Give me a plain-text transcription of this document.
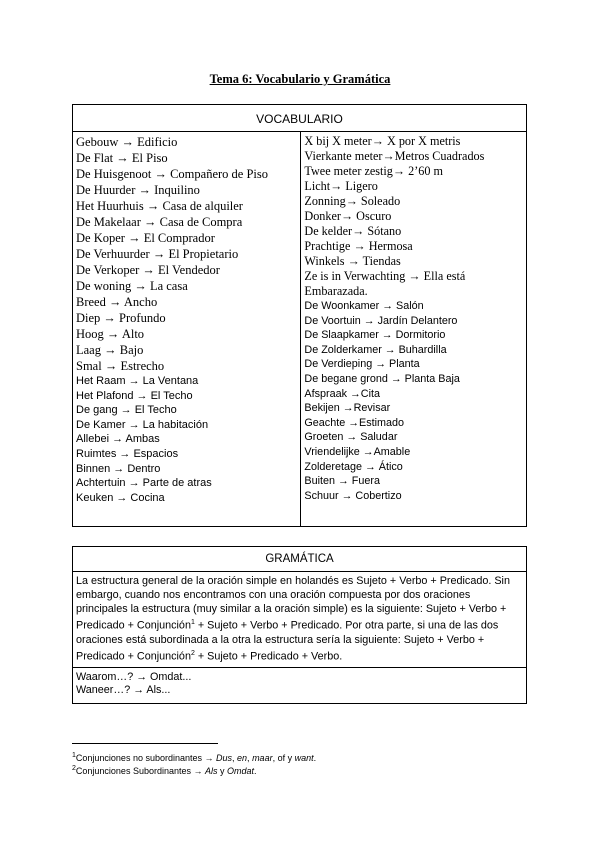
Tema 6: Vocabulario y Gramática
VOCABULARIO

Gebouw → Edificio
De Flat → El Piso
De Huisgenoot → Compañero de Piso
De Huurder → Inquilino
Het Huurhuis → Casa de alquiler
De Makelaar → Casa de Compra
De Koper → El Comprador
De Verhuurder → El Propietario
De Verkoper → El Vendedor
De woning → La casa
Breed → Ancho
Diep → Profundo
Hoog → Alto
Laag → Bajo
Smal → Estrecho
Het Raam → La Ventana
Het Plafond → El Techo
De gang → El Techo
De Kamer → La habitación
Allebei → Ambas
Ruimtes → Espacios
Binnen → Dentro
Achtertuin → Parte de atras
Keuken → Cocina

X bij X meter→ X por X metris
Vierkante meter→Metros Cuadrados
Twee meter zestig→ 2’60 m
Licht→ Ligero
Zonning→ Soleado
Donker→ Oscuro
De kelder→ Sótano
Prachtige → Hermosa
Winkels → Tiendas
Ze is in Verwachting → Ella está Embarazada.
De Woonkamer → Salón
De Voortuin → Jardín Delantero
De Slaapkamer → Dormitorio
De Zolderkamer → Buhardilla
De Verdieping → Planta
De begane grond → Planta Baja
Afspraak →Cita
Bekijen →Revisar
Geachte →Estimado
Groeten → Saludar
Vriendelijke →Amable
Zolderetage → Ático
Buiten → Fuera
Schuur → Cobertizo
GRAMÁTICA

La estructura general de la oración simple en holandés es Sujeto + Verbo + Predicado. Sin embargo, cuando nos encontramos con una oración compuesta por dos oraciones principales la estructura (muy similar a la oración simple) es la siguiente: Sujeto + Verbo + Predicado + Conjunción$^1$ + Sujeto + Verbo + Predicado. Por otra parte, si una de las dos oraciones está subordinada a la otra la estructura sería la siguiente: Sujeto + Verbo + Predicado + Conjunción$^2$ + Sujeto + Predicado + Verbo.

Waarom…? → Omdat...
Waneer…? → Als...
$^1$Conjunciones no subordinantes → Dus, en, maar, of y want.
$^2$Conjunciones Subordinantes → Als y Omdat.
